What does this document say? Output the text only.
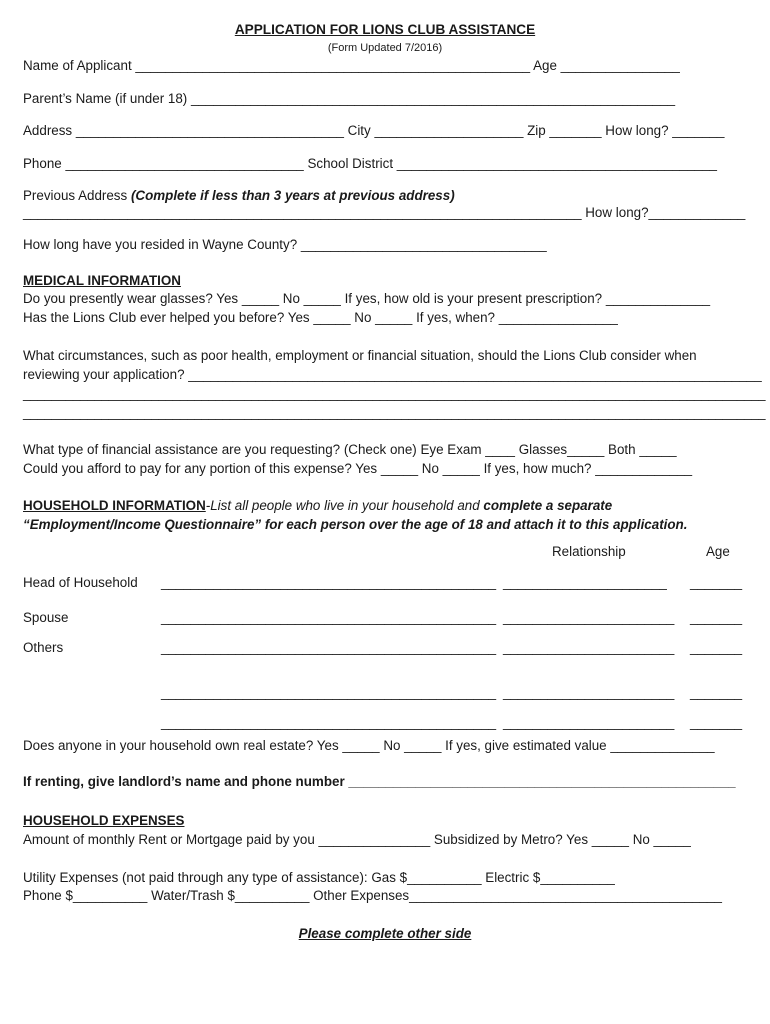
APPLICATION FOR LIONS CLUB ASSISTANCE
(Form Updated 7/2016)
Name of Applicant _____________________________________________________ Age ________________
Parent’s Name (if under 18) _________________________________________________________________
Address ____________________________________ City ____________________ Zip _______ How long? _______
Phone ________________________________ School District ___________________________________________
Previous Address (Complete if less than 3 years at previous address)
___________________________________________________________________________ How long?_____________
How long have you resided in Wayne County? _________________________________
MEDICAL INFORMATION
Do you presently wear glasses? Yes _____ No _____ If yes, how old is your present prescription? ______________
Has the Lions Club ever helped you before? Yes _____ No _____ If yes, when? ________________
What circumstances, such as poor health, employment or financial situation, should the Lions Club consider when
reviewing your application? _____________________________________________________________________________
________________________________________________________________________________________________________
________________________________________________________________________________________________________
What type of financial assistance are you requesting? (Check one) Eye Exam ____ Glasses_____ Both _____
Could you afford to pay for any portion of this expense? Yes _____ No _____ If yes, how much? _____________
HOUSEHOLD INFORMATION-List all people who live in your household and complete a separate
“Employment/Income Questionnaire” for each person over the age of 18 and attach it to this application.
Relationship	Age
Head of Household _____________________________________________ ______________________ _______
Spouse	_____________________________________________ _______________________ _______
Others	_____________________________________________ _______________________ _______
_____________________________________________ _______________________ _______
_____________________________________________ _______________________ _______
Does anyone in your household own real estate? Yes _____ No _____ If yes, give estimated value ______________
If renting, give landlord’s name and phone number ____________________________________________________
HOUSEHOLD EXPENSES
Amount of monthly Rent or Mortgage paid by you _______________ Subsidized by Metro? Yes _____ No _____
Utility Expenses (not paid through any type of assistance): Gas $__________ Electric $__________
Phone $__________ Water/Trash $__________ Other Expenses__________________________________________
Please complete other side
